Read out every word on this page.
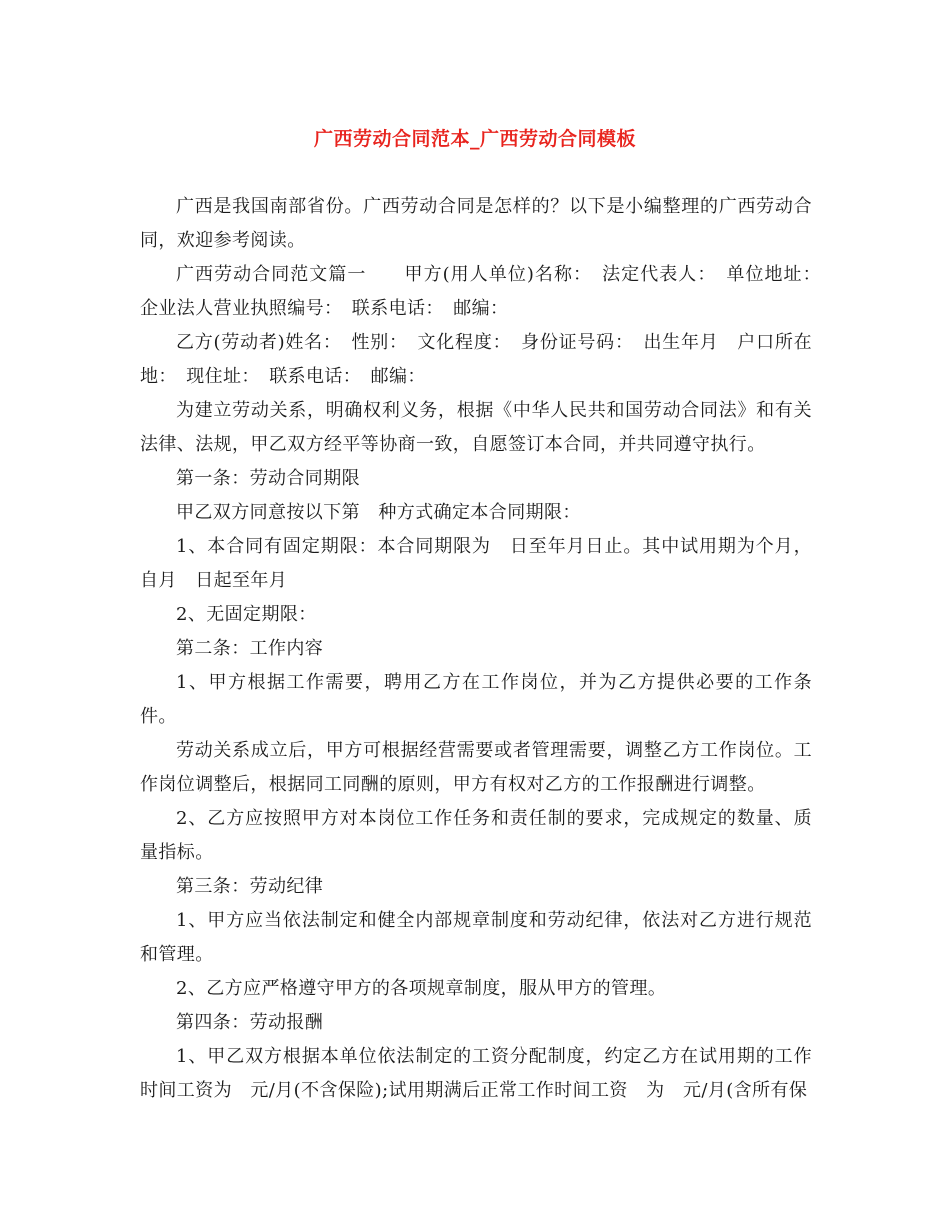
广西劳动合同范本_广西劳动合同模板

广西是我国南部省份。广西劳动合同是怎样的？以下是小编整理的广西劳动合同，欢迎参考阅读。

广西劳动合同范文篇一　　甲方(用人单位)名称：　法定代表人：　单位地址：　企业法人营业执照编号：　联系电话：　邮编：

乙方(劳动者)姓名：　性别：　文化程度：　身份证号码：　出生年月　户口所在地：　现住址：　联系电话：　邮编：

为建立劳动关系，明确权利义务，根据《中华人民共和国劳动合同法》和有关法律、法规，甲乙双方经平等协商一致，自愿签订本合同，并共同遵守执行。

第一条：劳动合同期限

甲乙双方同意按以下第　种方式确定本合同期限：

1、本合同有固定期限：本合同期限为　日至年月日止。其中试用期为个月，自月　日起至年月

2、无固定期限：

第二条：工作内容

1、甲方根据工作需要，聘用乙方在工作岗位，并为乙方提供必要的工作条件。

劳动关系成立后，甲方可根据经营需要或者管理需要，调整乙方工作岗位。工作岗位调整后，根据同工同酬的原则，甲方有权对乙方的工作报酬进行调整。

2、乙方应按照甲方对本岗位工作任务和责任制的要求，完成规定的数量、质量指标。

第三条：劳动纪律

1、甲方应当依法制定和健全内部规章制度和劳动纪律，依法对乙方进行规范和管理。

2、乙方应严格遵守甲方的各项规章制度，服从甲方的管理。

第四条：劳动报酬

1、甲乙双方根据本单位依法制定的工资分配制度，约定乙方在试用期的工作时间工资为　元/月(不含保险);试用期满后正常工作时间工资　为　元/月(含所有保
